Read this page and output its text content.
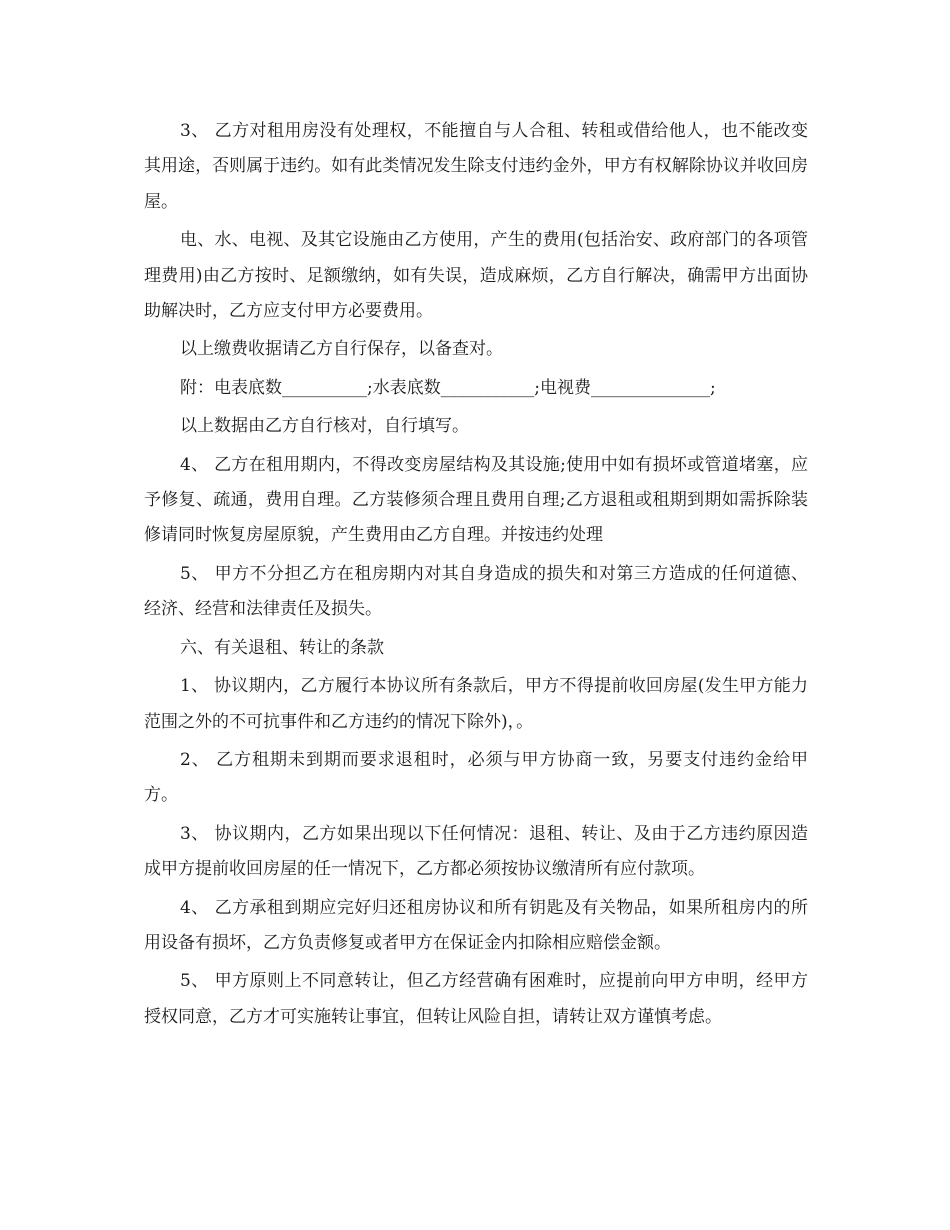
3、 乙方对租用房没有处理权，不能擅自与人合租、转租或借给他人，也不能改变其用途，否则属于违约。如有此类情况发生除支付违约金外，甲方有权解除协议并收回房屋。

电、水、电视、及其它设施由乙方使用，产生的费用(包括治安、政府部门的各项管理费用)由乙方按时、足额缴纳，如有失误，造成麻烦，乙方自行解决，确需甲方出面协助解决时，乙方应支付甲方必要费用。

以上缴费收据请乙方自行保存，以备查对。

附：电表底数__________;水表底数___________;电视费______________;

以上数据由乙方自行核对，自行填写。

4、 乙方在租用期内，不得改变房屋结构及其设施;使用中如有损坏或管道堵塞，应予修复、疏通，费用自理。乙方装修须合理且费用自理;乙方退租或租期到期如需拆除装修请同时恢复房屋原貌，产生费用由乙方自理。并按违约处理

5、 甲方不分担乙方在租房期内对其自身造成的损失和对第三方造成的任何道德、经济、经营和法律责任及损失。

六、有关退租、转让的条款

1、 协议期内，乙方履行本协议所有条款后，甲方不得提前收回房屋(发生甲方能力范围之外的不可抗事件和乙方违约的情况下除外)，。

2、 乙方租期未到期而要求退租时，必须与甲方协商一致，另要支付违约金给甲方。

3、 协议期内，乙方如果出现以下任何情况：退租、转让、及由于乙方违约原因造成甲方提前收回房屋的任一情况下，乙方都必须按协议缴清所有应付款项。

4、 乙方承租到期应完好归还租房协议和所有钥匙及有关物品，如果所租房内的所用设备有损坏，乙方负责修复或者甲方在保证金内扣除相应赔偿金额。

5、 甲方原则上不同意转让，但乙方经营确有困难时，应提前向甲方申明，经甲方授权同意，乙方才可实施转让事宜，但转让风险自担，请转让双方谨慎考虑。
